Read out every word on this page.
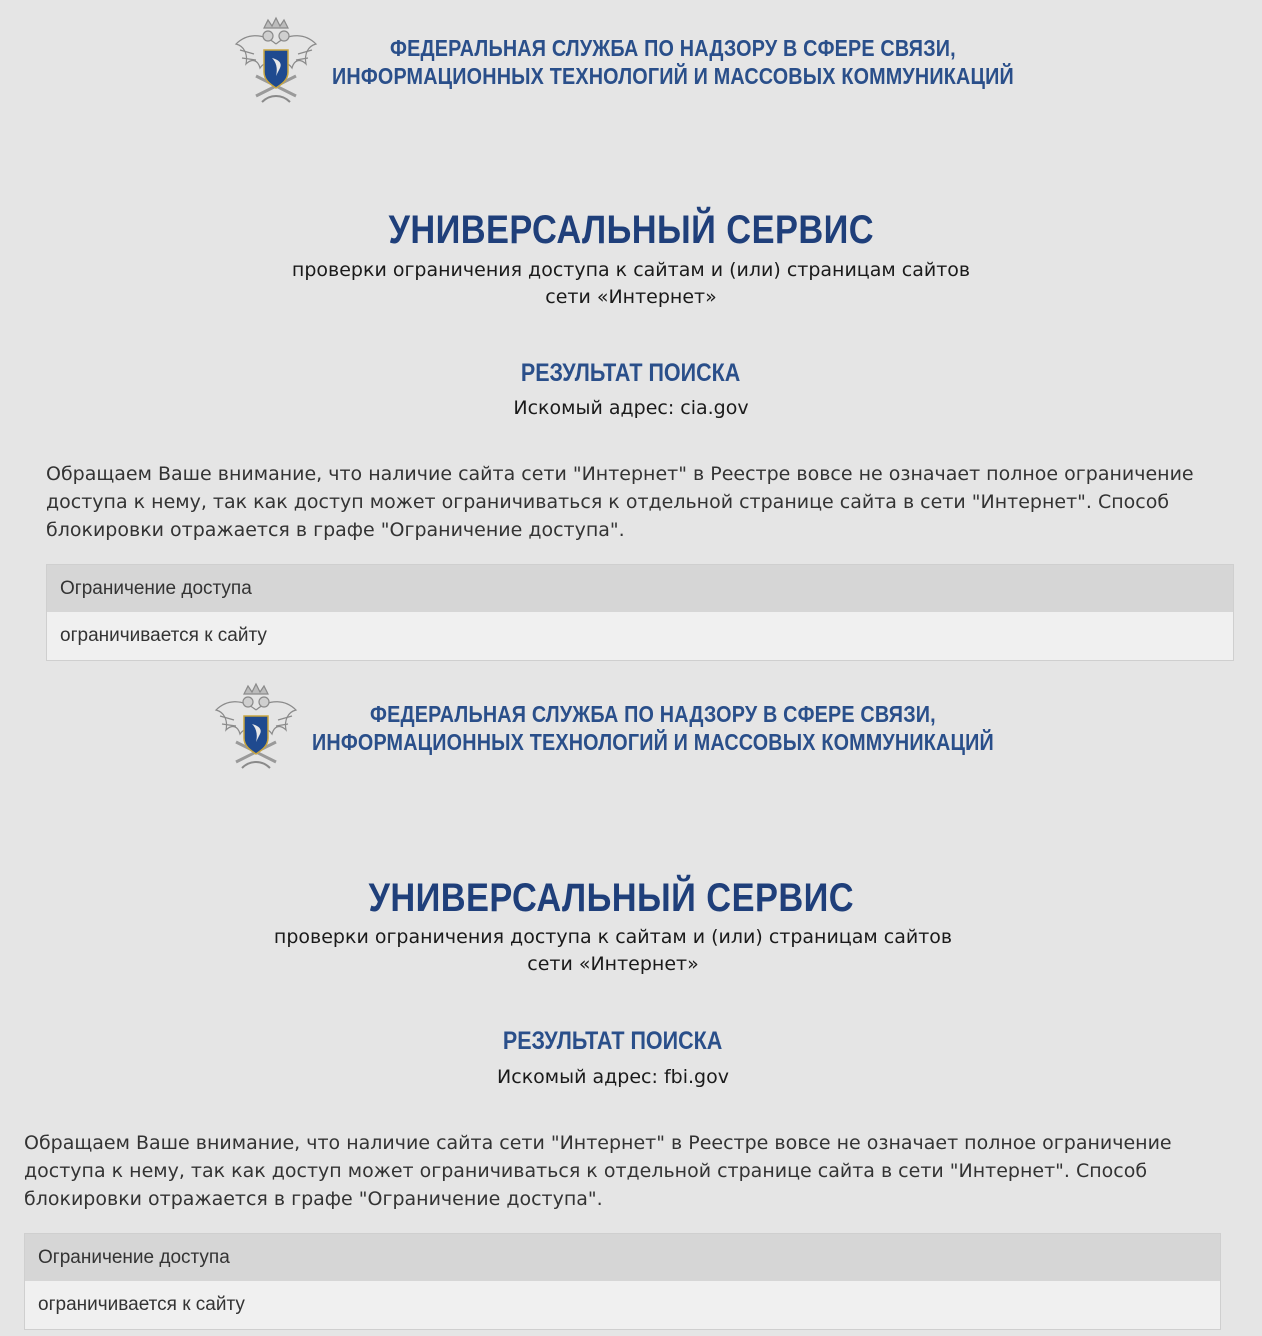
ФЕДЕРАЛЬНАЯ СЛУЖБА ПО НАДЗОРУ В СФЕРЕ СВЯЗИ,
ИНФОРМАЦИОННЫХ ТЕХНОЛОГИЙ И МАССОВЫХ КОММУНИКАЦИЙ
УНИВЕРСАЛЬНЫЙ СЕРВИС
проверки ограничения доступа к сайтам и (или) страницам сайтов
сети «Интернет»
РЕЗУЛЬТАТ ПОИСКА
Искомый адрес: cia.gov
Обращаем Ваше внимание, что наличие сайта сети "Интернет" в Реестре вовсе не означает полное ограничение
доступа к нему, так как доступ может ограничиваться к отдельной странице сайта в сети "Интернет". Способ
блокировки отражается в графе "Ограничение доступа".
Ограничение доступа
ограничивается к сайту
ФЕДЕРАЛЬНАЯ СЛУЖБА ПО НАДЗОРУ В СФЕРЕ СВЯЗИ,
ИНФОРМАЦИОННЫХ ТЕХНОЛОГИЙ И МАССОВЫХ КОММУНИКАЦИЙ
УНИВЕРСАЛЬНЫЙ СЕРВИС
проверки ограничения доступа к сайтам и (или) страницам сайтов
сети «Интернет»
РЕЗУЛЬТАТ ПОИСКА
Искомый адрес: fbi.gov
Обращаем Ваше внимание, что наличие сайта сети "Интернет" в Реестре вовсе не означает полное ограничение
доступа к нему, так как доступ может ограничиваться к отдельной странице сайта в сети "Интернет". Способ
блокировки отражается в графе "Ограничение доступа".
Ограничение доступа
ограничивается к сайту
